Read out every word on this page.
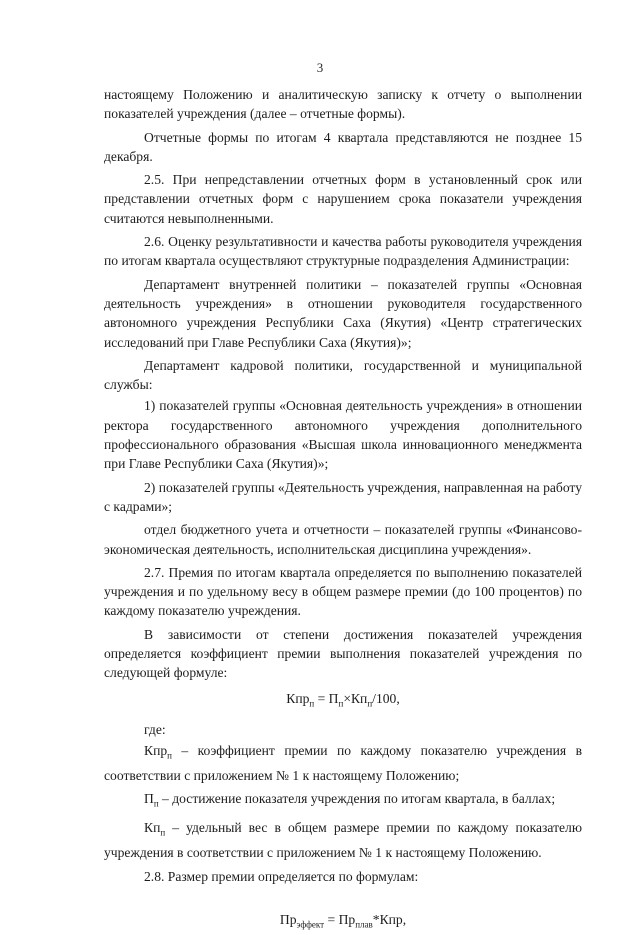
3

настоящему Положению и аналитическую записку к отчету о выполнении показателей учреждения (далее – отчетные формы).

Отчетные формы по итогам 4 квартала представляются не позднее 15 декабря.

2.5. При непредставлении отчетных форм в установленный срок или представлении отчетных форм с нарушением срока показатели учреждения считаются невыполненными.

2.6. Оценку результативности и качества работы руководителя учреждения по итогам квартала осуществляют структурные подразделения Администрации:

Департамент внутренней политики – показателей группы «Основная деятельность учреждения» в отношении руководителя государственного автономного учреждения Республики Саха (Якутия) «Центр стратегических исследований при Главе Республики Саха (Якутия)»;

Департамент кадровой политики, государственной и муниципальной службы:

1) показателей группы «Основная деятельность учреждения» в отношении ректора государственного автономного учреждения дополнительного профессионального образования «Высшая школа инновационного менеджмента при Главе Республики Саха (Якутия)»;

2) показателей группы «Деятельность учреждения, направленная на работу с кадрами»;

отдел бюджетного учета и отчетности – показателей группы «Финансово-экономическая деятельность, исполнительская дисциплина учреждения».

2.7. Премия по итогам квартала определяется по выполнению показателей учреждения и по удельному весу в общем размере премии (до 100 процентов) по каждому показателю учреждения.

В зависимости от степени достижения показателей учреждения определяется коэффициент премии выполнения показателей учреждения по следующей формуле:

$Кпр_п = П_п\times Кп_п/100$,

где:

Кпр$_п$ – коэффициент премии по каждому показателю учреждения в соответствии с приложением № 1 к настоящему Положению;

$П_п$ – достижение показателя учреждения по итогам квартала, в баллах;

$Кп_п$ – удельный вес в общем размере премии по каждому показателю учреждения в соответствии с приложением № 1 к настоящему Положению.

2.8. Размер премии определяется по формулам:

$Пр_{эффект} = Пр_{плав}*Кпр$,
